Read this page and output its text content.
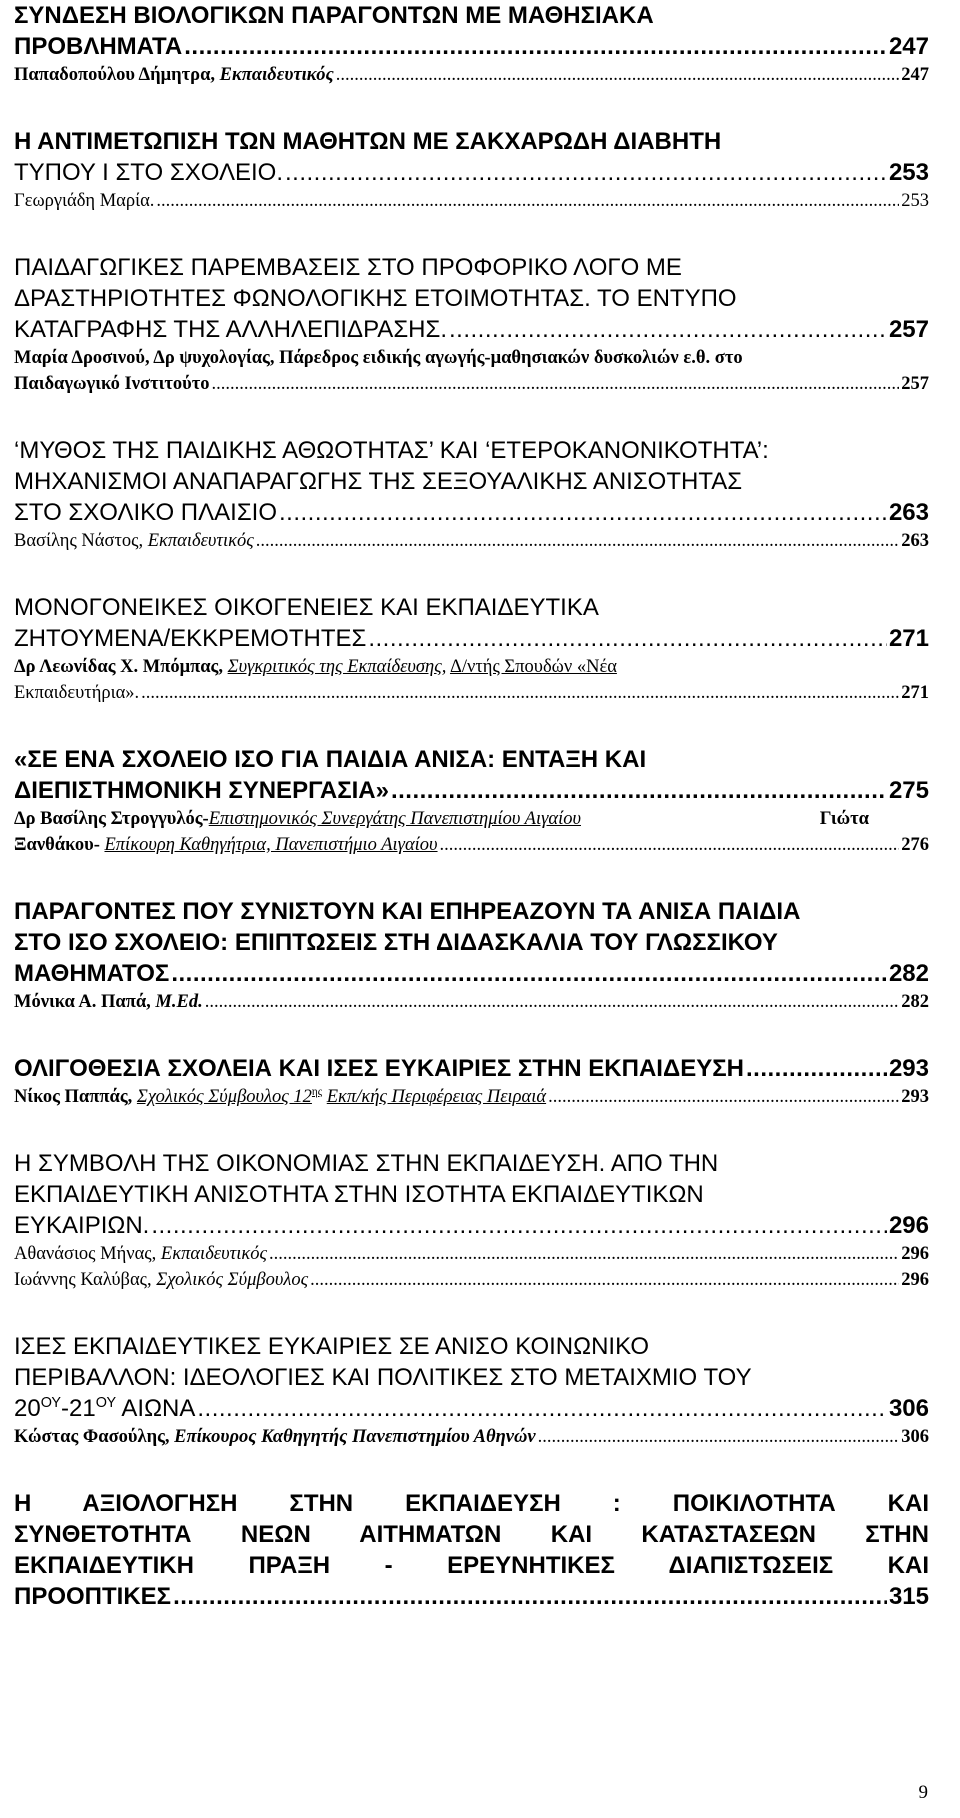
ΣΥΝΔΕΣΗ ΒΙΟΛΟΓΙΚΩΝ ΠΑΡΑΓΟΝΤΩΝ ΜΕ ΜΑΘΗΣΙΑΚΑ
ΠΡΟΒΛΗΜΑΤΑ .....	247
Παπαδοπούλου Δήμητρα, Εκπαιδευτικός .....	247
Η ΑΝΤΙΜΕΤΩΠΙΣΗ ΤΩΝ ΜΑΘΗΤΩΝ ΜΕ ΣΑΚΧΑΡΩΔΗ ΔΙΑΒΗΤΗ
ΤΥΠΟΥ Ι ΣΤΟ ΣΧΟΛΕΙΟ. .....	253
Γεωργιάδη Μαρία. .....	253
ΠΑΙΔΑΓΩΓΙΚΕΣ ΠΑΡΕΜΒΑΣΕΙΣ ΣΤΟ ΠΡΟΦΟΡΙΚΟ ΛΟΓΟ ΜΕ
ΔΡΑΣΤΗΡΙΟΤΗΤΕΣ ΦΩΝΟΛΟΓΙΚΗΣ ΕΤΟΙΜΟΤΗΤΑΣ. ΤΟ ΕΝΤΥΠΟ
ΚΑΤΑΓΡΑΦΗΣ ΤΗΣ ΑΛΛΗΛΕΠΙΔΡΑΣΗΣ. .....	257
Μαρία Δροσινού, Δρ ψυχολογίας, Πάρεδρος ειδικής αγωγής-μαθησιακών δυσκολιών ε.θ. στο
Παιδαγωγικό Ινστιτούτο .....	257
‘ΜΥΘΟΣ ΤΗΣ ΠΑΙΔΙΚΗΣ ΑΘΩΟΤΗΤΑΣ’ ΚΑΙ ‘ΕΤΕΡΟΚΑΝΟΝΙΚΟΤΗΤΑ’:
ΜΗΧΑΝΙΣΜΟΙ ΑΝΑΠΑΡΑΓΩΓΗΣ ΤΗΣ ΣΕΞΟΥΑΛΙΚΗΣ ΑΝΙΣΟΤΗΤΑΣ
ΣΤΟ ΣΧΟΛΙΚΟ ΠΛΑΙΣΙΟ .....	263
Βασίλης Νάστος, Εκπαιδευτικός .....	263
ΜΟΝΟΓΟΝΕΙΚΕΣ ΟΙΚΟΓΕΝΕΙΕΣ ΚΑΙ ΕΚΠΑΙΔΕΥΤΙΚΑ
ΖΗΤΟΥΜΕΝΑ/ΕΚΚΡΕΜΟΤΗΤΕΣ .....	271
Δρ Λεωνίδας Χ. Μπόμπας, Συγκριτικός της Εκπαίδευσης, Δ/ντής Σπουδών «Νέα
Εκπαιδευτήρια». .....	271
«ΣΕ ΕΝΑ ΣΧΟΛΕΙΟ ΙΣΟ ΓΙΑ ΠΑΙΔΙΑ ΑΝΙΣΑ: ΕΝΤΑΞΗ ΚΑΙ
ΔΙΕΠΙΣΤΗΜΟΝΙΚΗ ΣΥΝΕΡΓΑΣΙΑ» .....	275
Δρ Βασίλης Στρογγυλός-Επιστημονικός Συνεργάτης Πανεπιστημίου Αιγαίου	Γιώτα
Ξανθάκου- Επίκουρη Καθηγήτρια, Πανεπιστήμιο Αιγαίου .....	276
ΠΑΡΑΓΟΝΤΕΣ ΠΟΥ ΣΥΝΙΣΤΟΥΝ ΚΑΙ ΕΠΗΡΕΑΖΟΥΝ ΤΑ ΑΝΙΣΑ ΠΑΙΔΙΑ
ΣΤΟ ΙΣΟ ΣΧΟΛΕΙΟ: ΕΠΙΠΤΩΣΕΙΣ ΣΤΗ ΔΙΔΑΣΚΑΛΙΑ ΤΟΥ ΓΛΩΣΣΙΚΟΥ
ΜΑΘΗΜΑΤΟΣ .....	282
Μόνικα Α. Παπά, M.Ed. .....	282
ΟΛΙΓΟΘΕΣΙΑ ΣΧΟΛΕΙΑ ΚΑΙ ΙΣΕΣ ΕΥΚΑΙΡΙΕΣ ΣΤΗΝ ΕΚΠΑΙΔΕΥΣΗ .....	293
Νίκος Παππάς, Σχολικός Σύμβουλος $12^{\eta\varsigma}$ Εκπ/κής Περιφέρειας Πειραιά .....	293
Η ΣΥΜΒΟΛΗ ΤΗΣ ΟΙΚΟΝΟΜΙΑΣ ΣΤΗΝ ΕΚΠΑΙΔΕΥΣΗ. ΑΠΟ ΤΗΝ
ΕΚΠΑΙΔΕΥΤΙΚΗ ΑΝΙΣΟΤΗΤΑ ΣΤΗΝ ΙΣΟΤΗΤΑ ΕΚΠΑΙΔΕΥΤΙΚΩΝ
ΕΥΚΑΙΡΙΩΝ. .....	296
Αθανάσιος Μήνας, Εκπαιδευτικός .....	296
Ιωάννης Καλύβας, Σχολικός Σύμβουλος .....	296
ΙΣΕΣ ΕΚΠΑΙΔΕΥΤΙΚΕΣ ΕΥΚΑΙΡΙΕΣ ΣΕ ΑΝΙΣΟ ΚΟΙΝΩΝΙΚΟ
ΠΕΡΙΒΑΛΛΟΝ: ΙΔΕΟΛΟΓΙΕΣ ΚΑΙ ΠΟΛΙΤΙΚΕΣ ΣΤΟ ΜΕΤΑΙΧΜΙΟ ΤΟΥ
$20^{O\Upsilon}-21^{O\Upsilon}$ ΑΙΩΝΑ .....	306
Κώστας Φασούλης, Επίκουρος Καθηγητής Πανεπιστημίου Αθηνών .....	306
Η ΑΞΙΟΛΟΓΗΣΗ ΣΤΗΝ ΕΚΠΑΙΔΕΥΣΗ : ΠΟΙΚΙΛΟΤΗΤΑ ΚΑΙ
ΣΥΝΘΕΤΟΤΗΤΑ ΝΕΩΝ ΑΙΤΗΜΑΤΩΝ ΚΑΙ ΚΑΤΑΣΤΑΣΕΩΝ ΣΤΗΝ
ΕΚΠΑΙΔΕΥΤΙΚΗ ΠΡΑΞΗ - ΕΡΕΥΝΗΤΙΚΕΣ ΔΙΑΠΙΣΤΩΣΕΙΣ ΚΑΙ
ΠΡΟΟΠΤΙΚΕΣ .....	315
9
